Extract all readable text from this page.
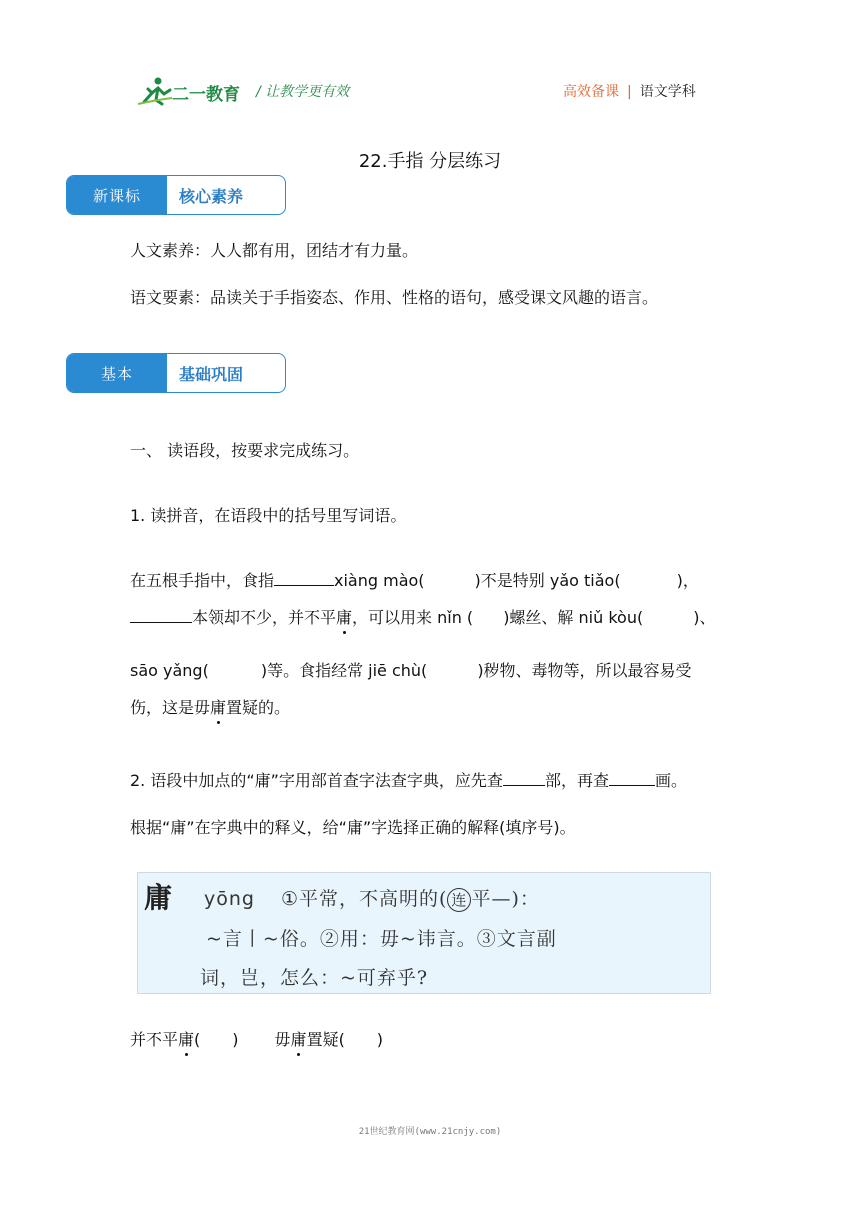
二一教育 / 让教学更有效	高效备课 | 语文学科
22.手指 分层练习
新课标	核心素养
人文素养：人人都有用，团结才有力量。
语文要素：品读关于手指姿态、作用、性格的语句，感受课文风趣的语言。
基本	基础巩固
一、 读语段，按要求完成练习。
1. 读拼音，在语段中的括号里写词语。
在五根手指中，食指	xiàng mào(	)不是特别 yǎo tiǎo(	)，
本领却不少，并不平庸，可以用来 nǐn ( )螺丝、解 niǔ kòu(	)、
sāo yǎng(	)等。食指经常 jiē chù(	)秽物、毒物等，所以最容易受
伤，这是毋庸置疑的。
2. 语段中加点的“庸”字用部首查字法查字典，应先查	部，再查	画。
根据“庸”在字典中的释义，给“庸”字选择正确的解释(填序号)。
庸 yōng ①平常，不高明的( 连 平—)：
~言丨~俗。②用：毋~讳言。③文言副
词，岂，怎么：~可弃乎?
并不平庸(　　) 毋庸置疑(　　)
21世纪教育网(www.21cnjy.com)
